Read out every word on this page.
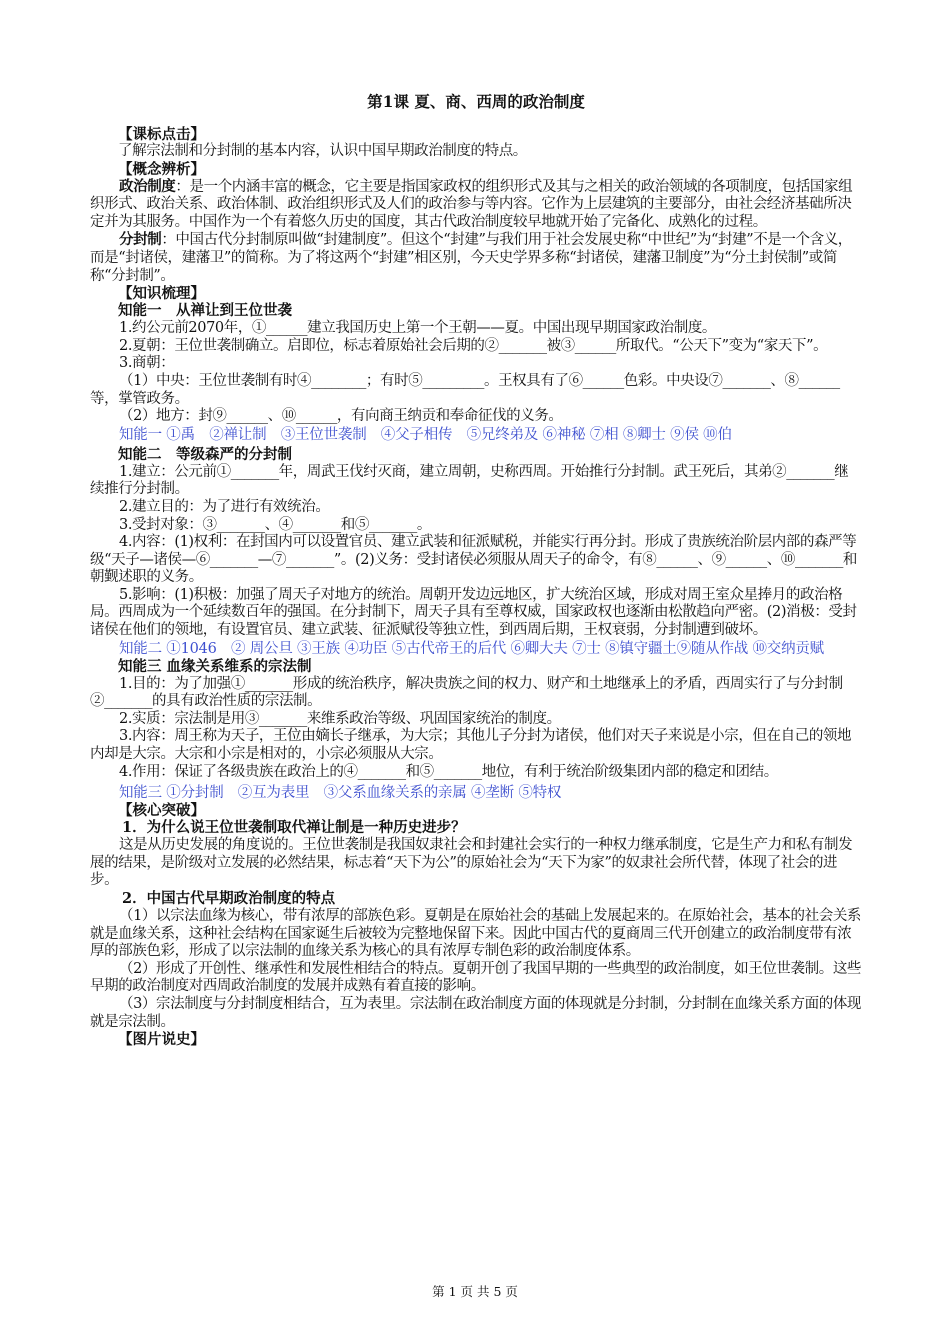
第1课 夏、商、西周的政治制度
【课标点击】
了解宗法制和分封制的基本内容，认识中国早期政治制度的特点。
【概念辨析】
政治制度：是一个内涵丰富的概念，它主要是指国家政权的组织形式及其与之相关的政治领域的各项制度，包括国家组织形式、政治关系、政治体制、政治组织形式及人们的政治参与等内容。它作为上层建筑的主要部分，由社会经济基础所决定并为其服务。中国作为一个有着悠久历史的国度，其古代政治制度较早地就开始了完备化、成熟化的过程。
分封制：中国古代分封制原叫做“封建制度”。但这个“封建”与我们用于社会发展史称“中世纪”为“封建”不是一个含义，而是“封诸侯，建藩卫”的简称。为了将这两个“封建”相区别，今天史学界多称“封诸侯，建藩卫制度”为“分土封侯制”或简称“分封制”。
【知识梳理】
知能一　从禅让到王位世袭
1.约公元前2070年，①______建立我国历史上第一个王朝——夏。中国出现早期国家政治制度。
2.夏朝：王位世袭制确立。启即位，标志着原始社会后期的②_______被③______所取代。“公天下”变为“家天下”。
3.商朝：
（1）中央：王位世袭制有时④________；有时⑤_________。王权具有了⑥______色彩。中央设⑦_______、⑧______等，掌管政务。
（2）地方：封⑨______、⑩______，有向商王纳贡和奉命征伐的义务。
知能一 ①禹　②禅让制　③王位世袭制　④父子相传　⑤兄终弟及 ⑥神秘 ⑦相 ⑧卿士 ⑨侯 ⑩伯
知能二　等级森严的分封制
1.建立：公元前①_______年，周武王伐纣灭商，建立周朝，史称西周。开始推行分封制。武王死后，其弟②_______继续推行分封制。
2.建立目的：为了进行有效统治。
3.受封对象：③_______、④_______和⑤_______。
4.内容：(1)权利：在封国内可以设置官员、建立武装和征派赋税，并能实行再分封。形成了贵族统治阶层内部的森严等级“天子—诸侯—⑥_______—⑦_______”。(2)义务：受封诸侯必须服从周天子的命令，有⑧______、⑨______、⑩_______和朝觐述职的义务。
5.影响：(1)积极：加强了周天子对地方的统治。周朝开发边远地区，扩大统治区域，形成对周王室众星捧月的政治格局。西周成为一个延续数百年的强国。在分封制下，周天子具有至尊权威，国家政权也逐渐由松散趋向严密。(2)消极：受封诸侯在他们的领地，有设置官员、建立武装、征派赋役等独立性，到西周后期，王权衰弱，分封制遭到破坏。
知能二 ①1046　② 周公旦 ③王族 ④功臣 ⑤古代帝王的后代 ⑥卿大夫 ⑦士 ⑧镇守疆土⑨随从作战 ⑩交纳贡赋
知能三 血缘关系维系的宗法制
1.目的：为了加强①_______形成的统治秩序，解决贵族之间的权力、财产和土地继承上的矛盾，西周实行了与分封制②_______的具有政治性质的宗法制。
2.实质：宗法制是用③_______来维系政治等级、巩固国家统治的制度。
3.内容：周王称为天子，王位由嫡长子继承，为大宗；其他儿子分封为诸侯，他们对天子来说是小宗，但在自己的领地内却是大宗。大宗和小宗是相对的，小宗必须服从大宗。
4.作用：保证了各级贵族在政治上的④_______和⑤_______地位，有利于统治阶级集团内部的稳定和团结。
知能三 ①分封制　②互为表里　③父系血缘关系的亲属 ④垄断 ⑤特权
【核心突破】
1．为什么说王位世袭制取代禅让制是一种历史进步？
这是从历史发展的角度说的。王位世袭制是我国奴隶社会和封建社会实行的一种权力继承制度，它是生产力和私有制发展的结果，是阶级对立发展的必然结果，标志着“天下为公”的原始社会为“天下为家”的奴隶社会所代替，体现了社会的进步。
2．中国古代早期政治制度的特点
（1）以宗法血缘为核心，带有浓厚的部族色彩。夏朝是在原始社会的基础上发展起来的。在原始社会，基本的社会关系就是血缘关系，这种社会结构在国家诞生后被较为完整地保留下来。因此中国古代的夏商周三代开创建立的政治制度带有浓厚的部族色彩，形成了以宗法制的血缘关系为核心的具有浓厚专制色彩的政治制度体系。
（2）形成了开创性、继承性和发展性相结合的特点。夏朝开创了我国早期的一些典型的政治制度，如王位世袭制。这些早期的政治制度对西周政治制度的发展并成熟有着直接的影响。
（3）宗法制度与分封制度相结合，互为表里。宗法制在政治制度方面的体现就是分封制，分封制在血缘关系方面的体现就是宗法制。
【图片说史】
第 1 页 共 5 页
